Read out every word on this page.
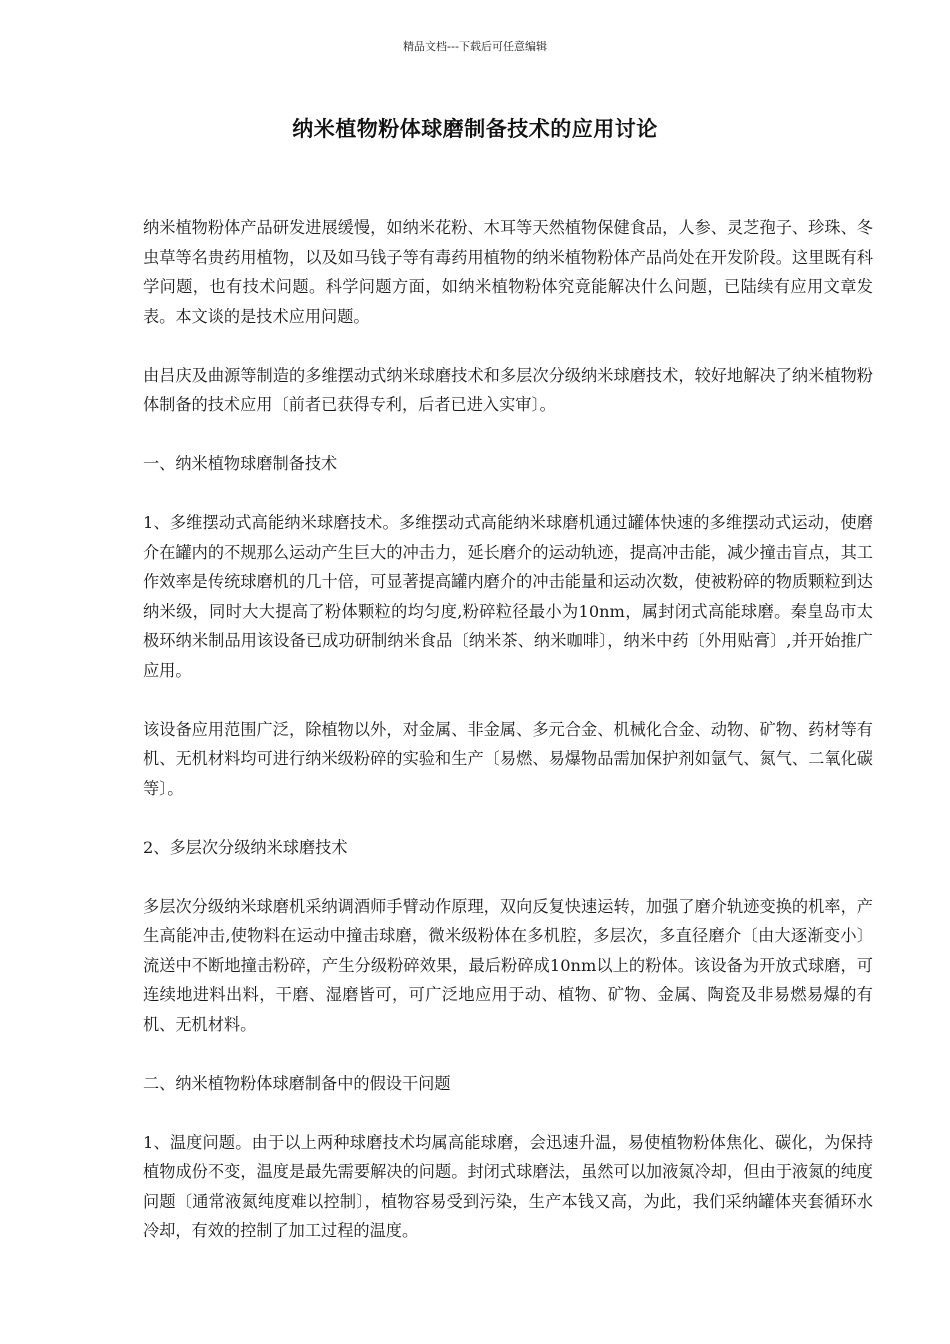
精品文档---下载后可任意编辑
纳米植物粉体球磨制备技术的应用讨论

纳米植物粉体产品研发进展缓慢，如纳米花粉、木耳等天然植物保健食品，人参、灵芝孢子、珍珠、冬虫草等名贵药用植物，以及如马钱子等有毒药用植物的纳米植物粉体产品尚处在开发阶段。这里既有科学问题，也有技术问题。科学问题方面，如纳米植物粉体究竟能解决什么问题，已陆续有应用文章发表。本文谈的是技术应用问题。

由吕庆及曲源等制造的多维摆动式纳米球磨技术和多层次分级纳米球磨技术，较好地解决了纳米植物粉体制备的技术应用〔前者已获得专利，后者已进入实审〕。

一、纳米植物球磨制备技术

1、多维摆动式高能纳米球磨技术。多维摆动式高能纳米球磨机通过罐体快速的多维摆动式运动，使磨介在罐内的不规那么运动产生巨大的冲击力，延长磨介的运动轨迹，提高冲击能，减少撞击盲点，其工作效率是传统球磨机的几十倍，可显著提高罐内磨介的冲击能量和运动次数，使被粉碎的物质颗粒到达纳米级，同时大大提高了粉体颗粒的均匀度,粉碎粒径最小为10nm，属封闭式高能球磨。秦皇岛市太极环纳米制品用该设备已成功研制纳米食品〔纳米茶、纳米咖啡〕，纳米中药〔外用贴膏〕,并开始推广应用。

该设备应用范围广泛，除植物以外，对金属、非金属、多元合金、机械化合金、动物、矿物、药材等有机、无机材料均可进行纳米级粉碎的实验和生产〔易燃、易爆物品需加保护剂如氩气、氮气、二氧化碳等〕。

2、多层次分级纳米球磨技术

多层次分级纳米球磨机采纳调酒师手臂动作原理，双向反复快速运转，加强了磨介轨迹变换的机率，产生高能冲击,使物料在运动中撞击球磨，微米级粉体在多机腔，多层次，多直径磨介〔由大逐渐变小〕流送中不断地撞击粉碎，产生分级粉碎效果，最后粉碎成10nm以上的粉体。该设备为开放式球磨，可连续地进料出料，干磨、湿磨皆可，可广泛地应用于动、植物、矿物、金属、陶瓷及非易燃易爆的有机、无机材料。

二、纳米植物粉体球磨制备中的假设干问题

1、温度问题。由于以上两种球磨技术均属高能球磨，会迅速升温，易使植物粉体焦化、碳化，为保持植物成份不变，温度是最先需要解决的问题。封闭式球磨法，虽然可以加液氮冷却，但由于液氮的纯度问题〔通常液氮纯度难以控制〕，植物容易受到污染，生产本钱又高，为此，我们采纳罐体夹套循环水冷却，有效的控制了加工过程的温度。
